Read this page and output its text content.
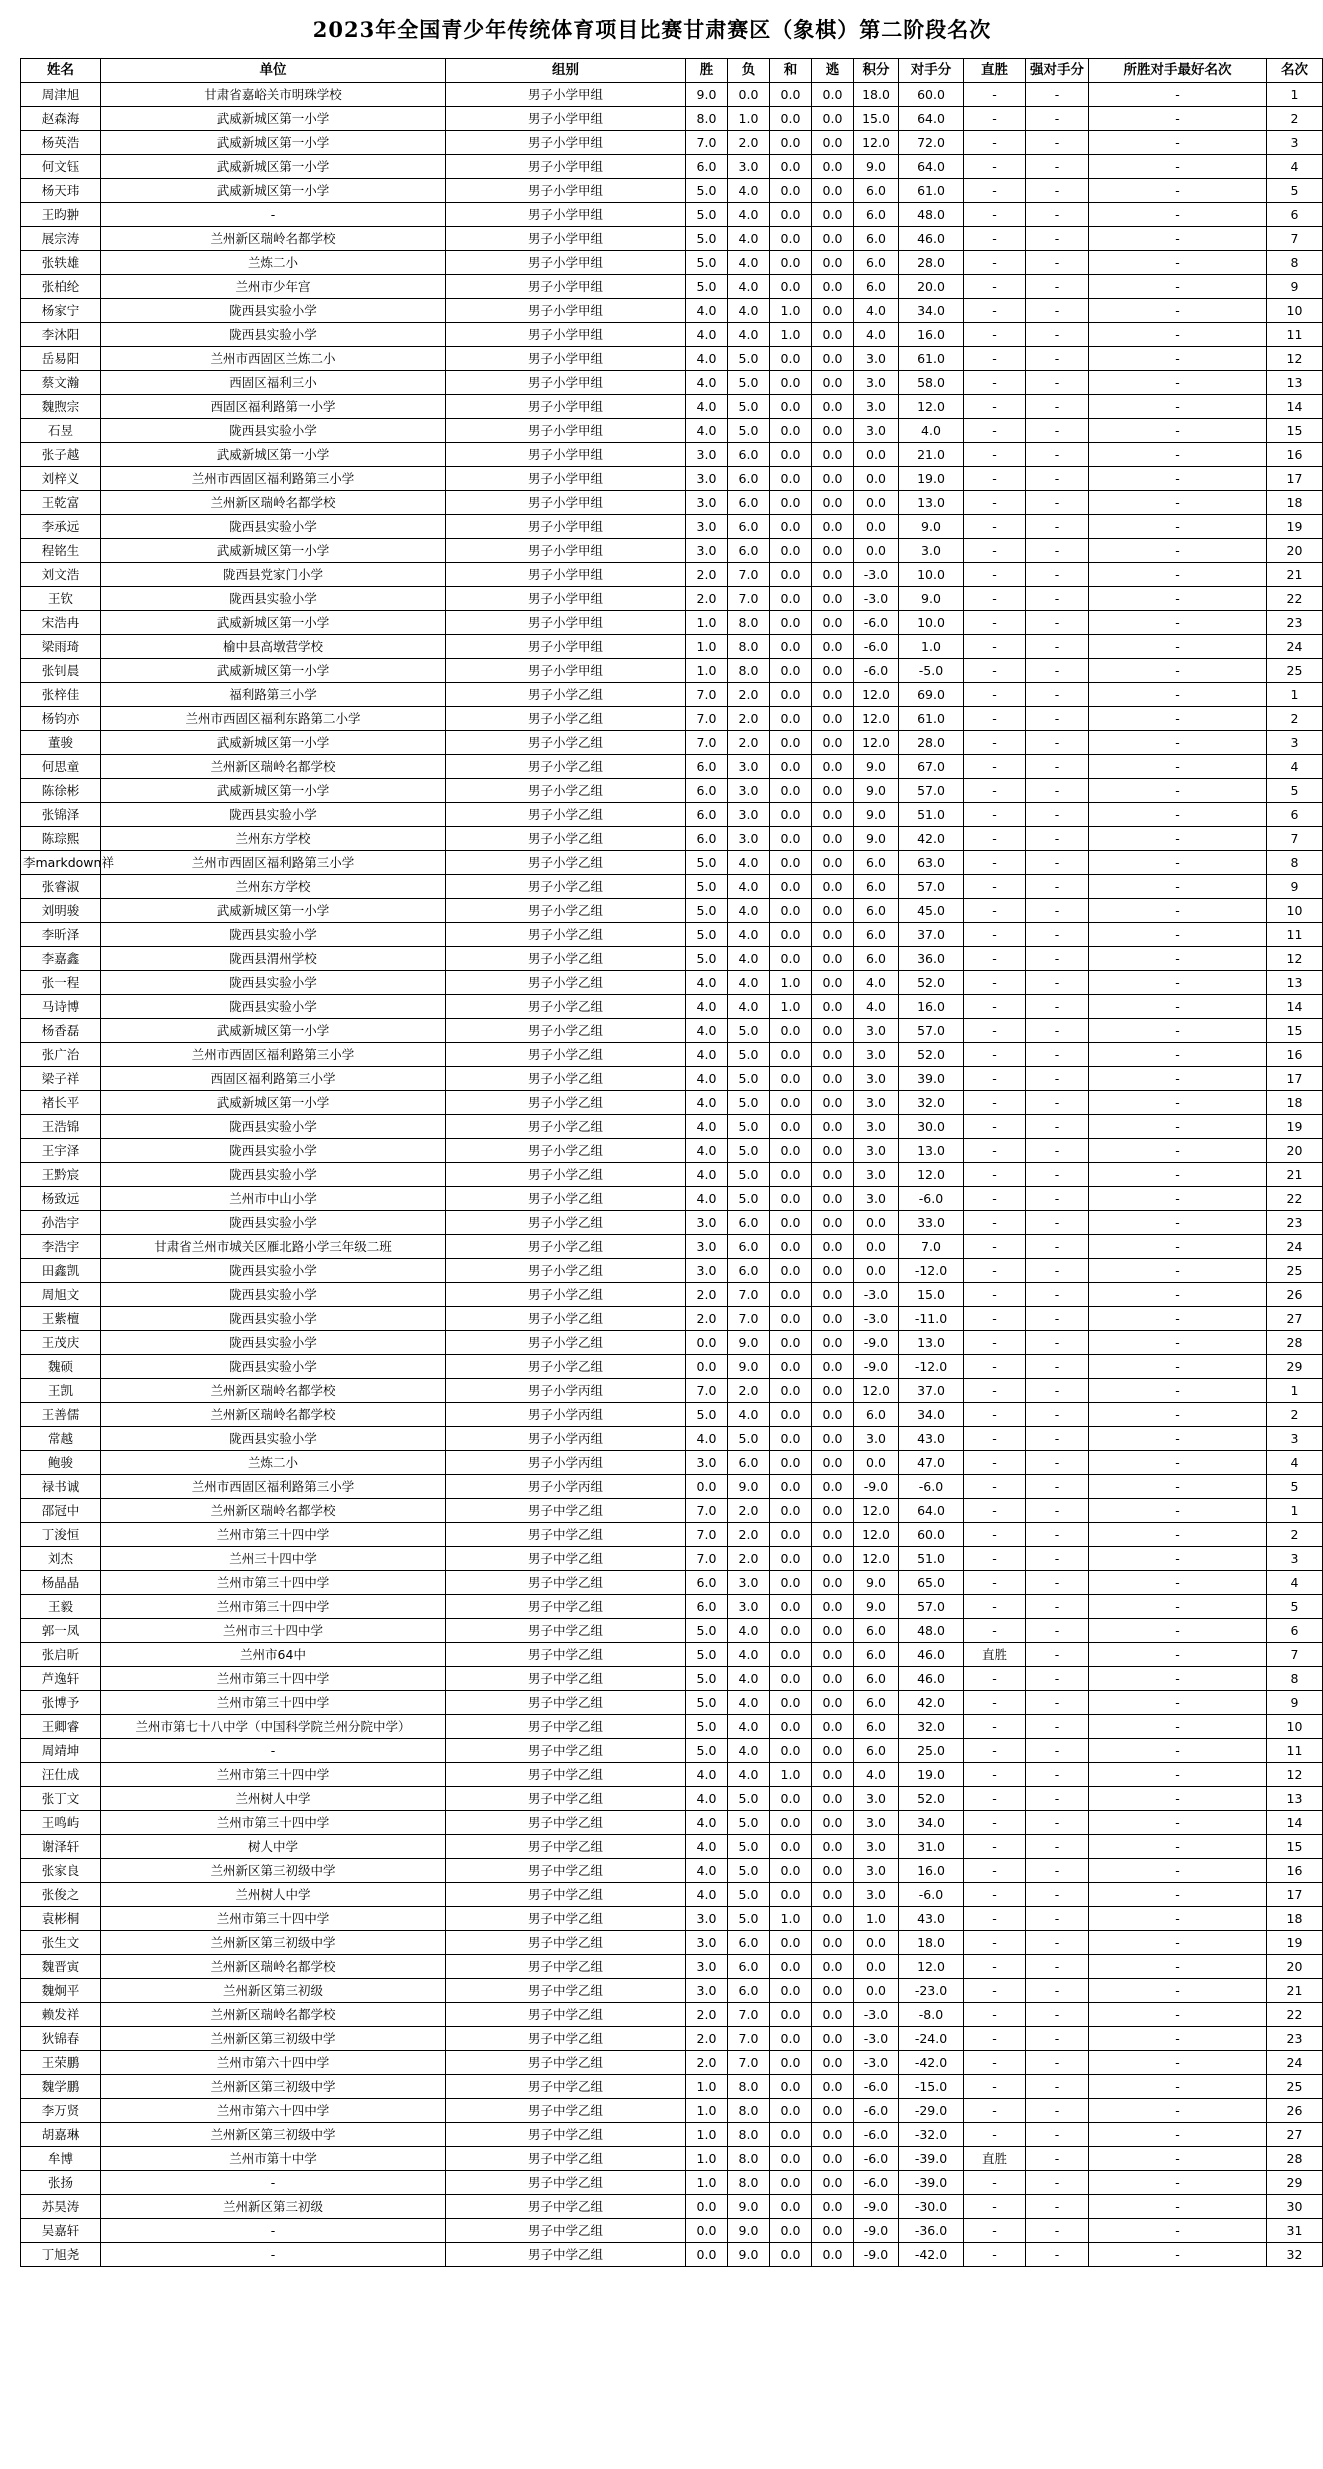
2023年全国青少年传统体育项目比赛甘肃赛区（象棋）第二阶段名次
姓名	单位	组别	胜	负	和	逃	积分	对手分	直胜	强对手分	所胜对手最好名次	名次
周津旭	甘肃省嘉峪关市明珠学校	男子小学甲组	9.0	0.0	0.0	0.0	18.0	60.0	-	-	-	1
赵森海	武威新城区第一小学	男子小学甲组	8.0	1.0	0.0	0.0	15.0	64.0	-	-	-	2
杨英浩	武威新城区第一小学	男子小学甲组	7.0	2.0	0.0	0.0	12.0	72.0	-	-	-	3
何文钰	武威新城区第一小学	男子小学甲组	6.0	3.0	0.0	0.0	9.0	64.0	-	-	-	4
杨天玮	武威新城区第一小学	男子小学甲组	5.0	4.0	0.0	0.0	6.0	61.0	-	-	-	5
王昀翀	-	男子小学甲组	5.0	4.0	0.0	0.0	6.0	48.0	-	-	-	6
展宗涛	兰州新区瑞岭名都学校	男子小学甲组	5.0	4.0	0.0	0.0	6.0	46.0	-	-	-	7
张轶雄	兰炼二小	男子小学甲组	5.0	4.0	0.0	0.0	6.0	28.0	-	-	-	8
张柏纶	兰州市少年宫	男子小学甲组	5.0	4.0	0.0	0.0	6.0	20.0	-	-	-	9
杨家宁	陇西县实验小学	男子小学甲组	4.0	4.0	1.0	0.0	4.0	34.0	-	-	-	10
李沐阳	陇西县实验小学	男子小学甲组	4.0	4.0	1.0	0.0	4.0	16.0	-	-	-	11
岳易阳	兰州市西固区兰炼二小	男子小学甲组	4.0	5.0	0.0	0.0	3.0	61.0	-	-	-	12
蔡文瀚	西固区福利三小	男子小学甲组	4.0	5.0	0.0	0.0	3.0	58.0	-	-	-	13
魏煦宗	西固区福利路第一小学	男子小学甲组	4.0	5.0	0.0	0.0	3.0	12.0	-	-	-	14
石昱	陇西县实验小学	男子小学甲组	4.0	5.0	0.0	0.0	3.0	4.0	-	-	-	15
张子越	武威新城区第一小学	男子小学甲组	3.0	6.0	0.0	0.0	0.0	21.0	-	-	-	16
刘梓义	兰州市西固区福利路第三小学	男子小学甲组	3.0	6.0	0.0	0.0	0.0	19.0	-	-	-	17
王乾富	兰州新区瑞岭名都学校	男子小学甲组	3.0	6.0	0.0	0.0	0.0	13.0	-	-	-	18
李承远	陇西县实验小学	男子小学甲组	3.0	6.0	0.0	0.0	0.0	9.0	-	-	-	19
程铭生	武威新城区第一小学	男子小学甲组	3.0	6.0	0.0	0.0	0.0	3.0	-	-	-	20
刘文浩	陇西县党家门小学	男子小学甲组	2.0	7.0	0.0	0.0	-3.0	10.0	-	-	-	21
王钦	陇西县实验小学	男子小学甲组	2.0	7.0	0.0	0.0	-3.0	9.0	-	-	-	22
宋浩冉	武威新城区第一小学	男子小学甲组	1.0	8.0	0.0	0.0	-6.0	10.0	-	-	-	23
梁雨琦	榆中县高墩营学校	男子小学甲组	1.0	8.0	0.0	0.0	-6.0	1.0	-	-	-	24
张钊晨	武威新城区第一小学	男子小学甲组	1.0	8.0	0.0	0.0	-6.0	-5.0	-	-	-	25
张梓佳	福利路第三小学	男子小学乙组	7.0	2.0	0.0	0.0	12.0	69.0	-	-	-	1
杨钧亦	兰州市西固区福利东路第二小学	男子小学乙组	7.0	2.0	0.0	0.0	12.0	61.0	-	-	-	2
董骏	武威新城区第一小学	男子小学乙组	7.0	2.0	0.0	0.0	12.0	28.0	-	-	-	3
何思童	兰州新区瑞岭名都学校	男子小学乙组	6.0	3.0	0.0	0.0	9.0	67.0	-	-	-	4
陈徐彬	武威新城区第一小学	男子小学乙组	6.0	3.0	0.0	0.0	9.0	57.0	-	-	-	5
张锦泽	陇西县实验小学	男子小学乙组	6.0	3.0	0.0	0.0	9.0	51.0	-	-	-	6
陈琮熙	兰州东方学校	男子小学乙组	6.0	3.0	0.0	0.0	9.0	42.0	-	-	-	7
李markdown祥	兰州市西固区福利路第三小学	男子小学乙组	5.0	4.0	0.0	0.0	6.0	63.0	-	-	-	8
张睿淑	兰州东方学校	男子小学乙组	5.0	4.0	0.0	0.0	6.0	57.0	-	-	-	9
刘明骏	武威新城区第一小学	男子小学乙组	5.0	4.0	0.0	0.0	6.0	45.0	-	-	-	10
李昕泽	陇西县实验小学	男子小学乙组	5.0	4.0	0.0	0.0	6.0	37.0	-	-	-	11
李嘉鑫	陇西县渭州学校	男子小学乙组	5.0	4.0	0.0	0.0	6.0	36.0	-	-	-	12
张一程	陇西县实验小学	男子小学乙组	4.0	4.0	1.0	0.0	4.0	52.0	-	-	-	13
马诗博	陇西县实验小学	男子小学乙组	4.0	4.0	1.0	0.0	4.0	16.0	-	-	-	14
杨香磊	武威新城区第一小学	男子小学乙组	4.0	5.0	0.0	0.0	3.0	57.0	-	-	-	15
张广治	兰州市西固区福利路第三小学	男子小学乙组	4.0	5.0	0.0	0.0	3.0	52.0	-	-	-	16
梁子祥	西固区福利路第三小学	男子小学乙组	4.0	5.0	0.0	0.0	3.0	39.0	-	-	-	17
褚长平	武威新城区第一小学	男子小学乙组	4.0	5.0	0.0	0.0	3.0	32.0	-	-	-	18
王浩锦	陇西县实验小学	男子小学乙组	4.0	5.0	0.0	0.0	3.0	30.0	-	-	-	19
王宇泽	陇西县实验小学	男子小学乙组	4.0	5.0	0.0	0.0	3.0	13.0	-	-	-	20
王黔宸	陇西县实验小学	男子小学乙组	4.0	5.0	0.0	0.0	3.0	12.0	-	-	-	21
杨致远	兰州市中山小学	男子小学乙组	4.0	5.0	0.0	0.0	3.0	-6.0	-	-	-	22
孙浩宇	陇西县实验小学	男子小学乙组	3.0	6.0	0.0	0.0	0.0	33.0	-	-	-	23
李浩宇	甘肃省兰州市城关区雁北路小学三年级二班	男子小学乙组	3.0	6.0	0.0	0.0	0.0	7.0	-	-	-	24
田鑫凯	陇西县实验小学	男子小学乙组	3.0	6.0	0.0	0.0	0.0	-12.0	-	-	-	25
周旭文	陇西县实验小学	男子小学乙组	2.0	7.0	0.0	0.0	-3.0	15.0	-	-	-	26
王紫檀	陇西县实验小学	男子小学乙组	2.0	7.0	0.0	0.0	-3.0	-11.0	-	-	-	27
王茂庆	陇西县实验小学	男子小学乙组	0.0	9.0	0.0	0.0	-9.0	13.0	-	-	-	28
魏硕	陇西县实验小学	男子小学乙组	0.0	9.0	0.0	0.0	-9.0	-12.0	-	-	-	29
王凯	兰州新区瑞岭名都学校	男子小学丙组	7.0	2.0	0.0	0.0	12.0	37.0	-	-	-	1
王善儒	兰州新区瑞岭名都学校	男子小学丙组	5.0	4.0	0.0	0.0	6.0	34.0	-	-	-	2
常越	陇西县实验小学	男子小学丙组	4.0	5.0	0.0	0.0	3.0	43.0	-	-	-	3
鲍骏	兰炼二小	男子小学丙组	3.0	6.0	0.0	0.0	0.0	47.0	-	-	-	4
禄书诚	兰州市西固区福利路第三小学	男子小学丙组	0.0	9.0	0.0	0.0	-9.0	-6.0	-	-	-	5
邵冠中	兰州新区瑞岭名都学校	男子中学乙组	7.0	2.0	0.0	0.0	12.0	64.0	-	-	-	1
丁浚恒	兰州市第三十四中学	男子中学乙组	7.0	2.0	0.0	0.0	12.0	60.0	-	-	-	2
刘杰	兰州三十四中学	男子中学乙组	7.0	2.0	0.0	0.0	12.0	51.0	-	-	-	3
杨晶晶	兰州市第三十四中学	男子中学乙组	6.0	3.0	0.0	0.0	9.0	65.0	-	-	-	4
王毅	兰州市第三十四中学	男子中学乙组	6.0	3.0	0.0	0.0	9.0	57.0	-	-	-	5
郭一凤	兰州市三十四中学	男子中学乙组	5.0	4.0	0.0	0.0	6.0	48.0	-	-	-	6
张启昕	兰州市64中	男子中学乙组	5.0	4.0	0.0	0.0	6.0	46.0	直胜	-	-	7
芦逸轩	兰州市第三十四中学	男子中学乙组	5.0	4.0	0.0	0.0	6.0	46.0	-	-	-	8
张博予	兰州市第三十四中学	男子中学乙组	5.0	4.0	0.0	0.0	6.0	42.0	-	-	-	9
王卿睿	兰州市第七十八中学（中国科学院兰州分院中学）	男子中学乙组	5.0	4.0	0.0	0.0	6.0	32.0	-	-	-	10
周靖坤	-	男子中学乙组	5.0	4.0	0.0	0.0	6.0	25.0	-	-	-	11
汪仕成	兰州市第三十四中学	男子中学乙组	4.0	4.0	1.0	0.0	4.0	19.0	-	-	-	12
张丁文	兰州树人中学	男子中学乙组	4.0	5.0	0.0	0.0	3.0	52.0	-	-	-	13
王鸣屿	兰州市第三十四中学	男子中学乙组	4.0	5.0	0.0	0.0	3.0	34.0	-	-	-	14
谢泽轩	树人中学	男子中学乙组	4.0	5.0	0.0	0.0	3.0	31.0	-	-	-	15
张家良	兰州新区第三初级中学	男子中学乙组	4.0	5.0	0.0	0.0	3.0	16.0	-	-	-	16
张俊之	兰州树人中学	男子中学乙组	4.0	5.0	0.0	0.0	3.0	-6.0	-	-	-	17
袁彬桐	兰州市第三十四中学	男子中学乙组	3.0	5.0	1.0	0.0	1.0	43.0	-	-	-	18
张生文	兰州新区第三初级中学	男子中学乙组	3.0	6.0	0.0	0.0	0.0	18.0	-	-	-	19
魏晋寅	兰州新区瑞岭名都学校	男子中学乙组	3.0	6.0	0.0	0.0	0.0	12.0	-	-	-	20
魏炯平	兰州新区第三初级	男子中学乙组	3.0	6.0	0.0	0.0	0.0	-23.0	-	-	-	21
赖发祥	兰州新区瑞岭名都学校	男子中学乙组	2.0	7.0	0.0	0.0	-3.0	-8.0	-	-	-	22
狄锦春	兰州新区第三初级中学	男子中学乙组	2.0	7.0	0.0	0.0	-3.0	-24.0	-	-	-	23
王荣鹏	兰州市第六十四中学	男子中学乙组	2.0	7.0	0.0	0.0	-3.0	-42.0	-	-	-	24
魏学鹏	兰州新区第三初级中学	男子中学乙组	1.0	8.0	0.0	0.0	-6.0	-15.0	-	-	-	25
李万贤	兰州市第六十四中学	男子中学乙组	1.0	8.0	0.0	0.0	-6.0	-29.0	-	-	-	26
胡嘉琳	兰州新区第三初级中学	男子中学乙组	1.0	8.0	0.0	0.0	-6.0	-32.0	-	-	-	27
牟博	兰州市第十中学	男子中学乙组	1.0	8.0	0.0	0.0	-6.0	-39.0	直胜	-	-	28
张扬	-	男子中学乙组	1.0	8.0	0.0	0.0	-6.0	-39.0	-	-	-	29
苏昊涛	兰州新区第三初级	男子中学乙组	0.0	9.0	0.0	0.0	-9.0	-30.0	-	-	-	30
吴嘉轩	-	男子中学乙组	0.0	9.0	0.0	0.0	-9.0	-36.0	-	-	-	31
丁旭尧	-	男子中学乙组	0.0	9.0	0.0	0.0	-9.0	-42.0	-	-	-	32
